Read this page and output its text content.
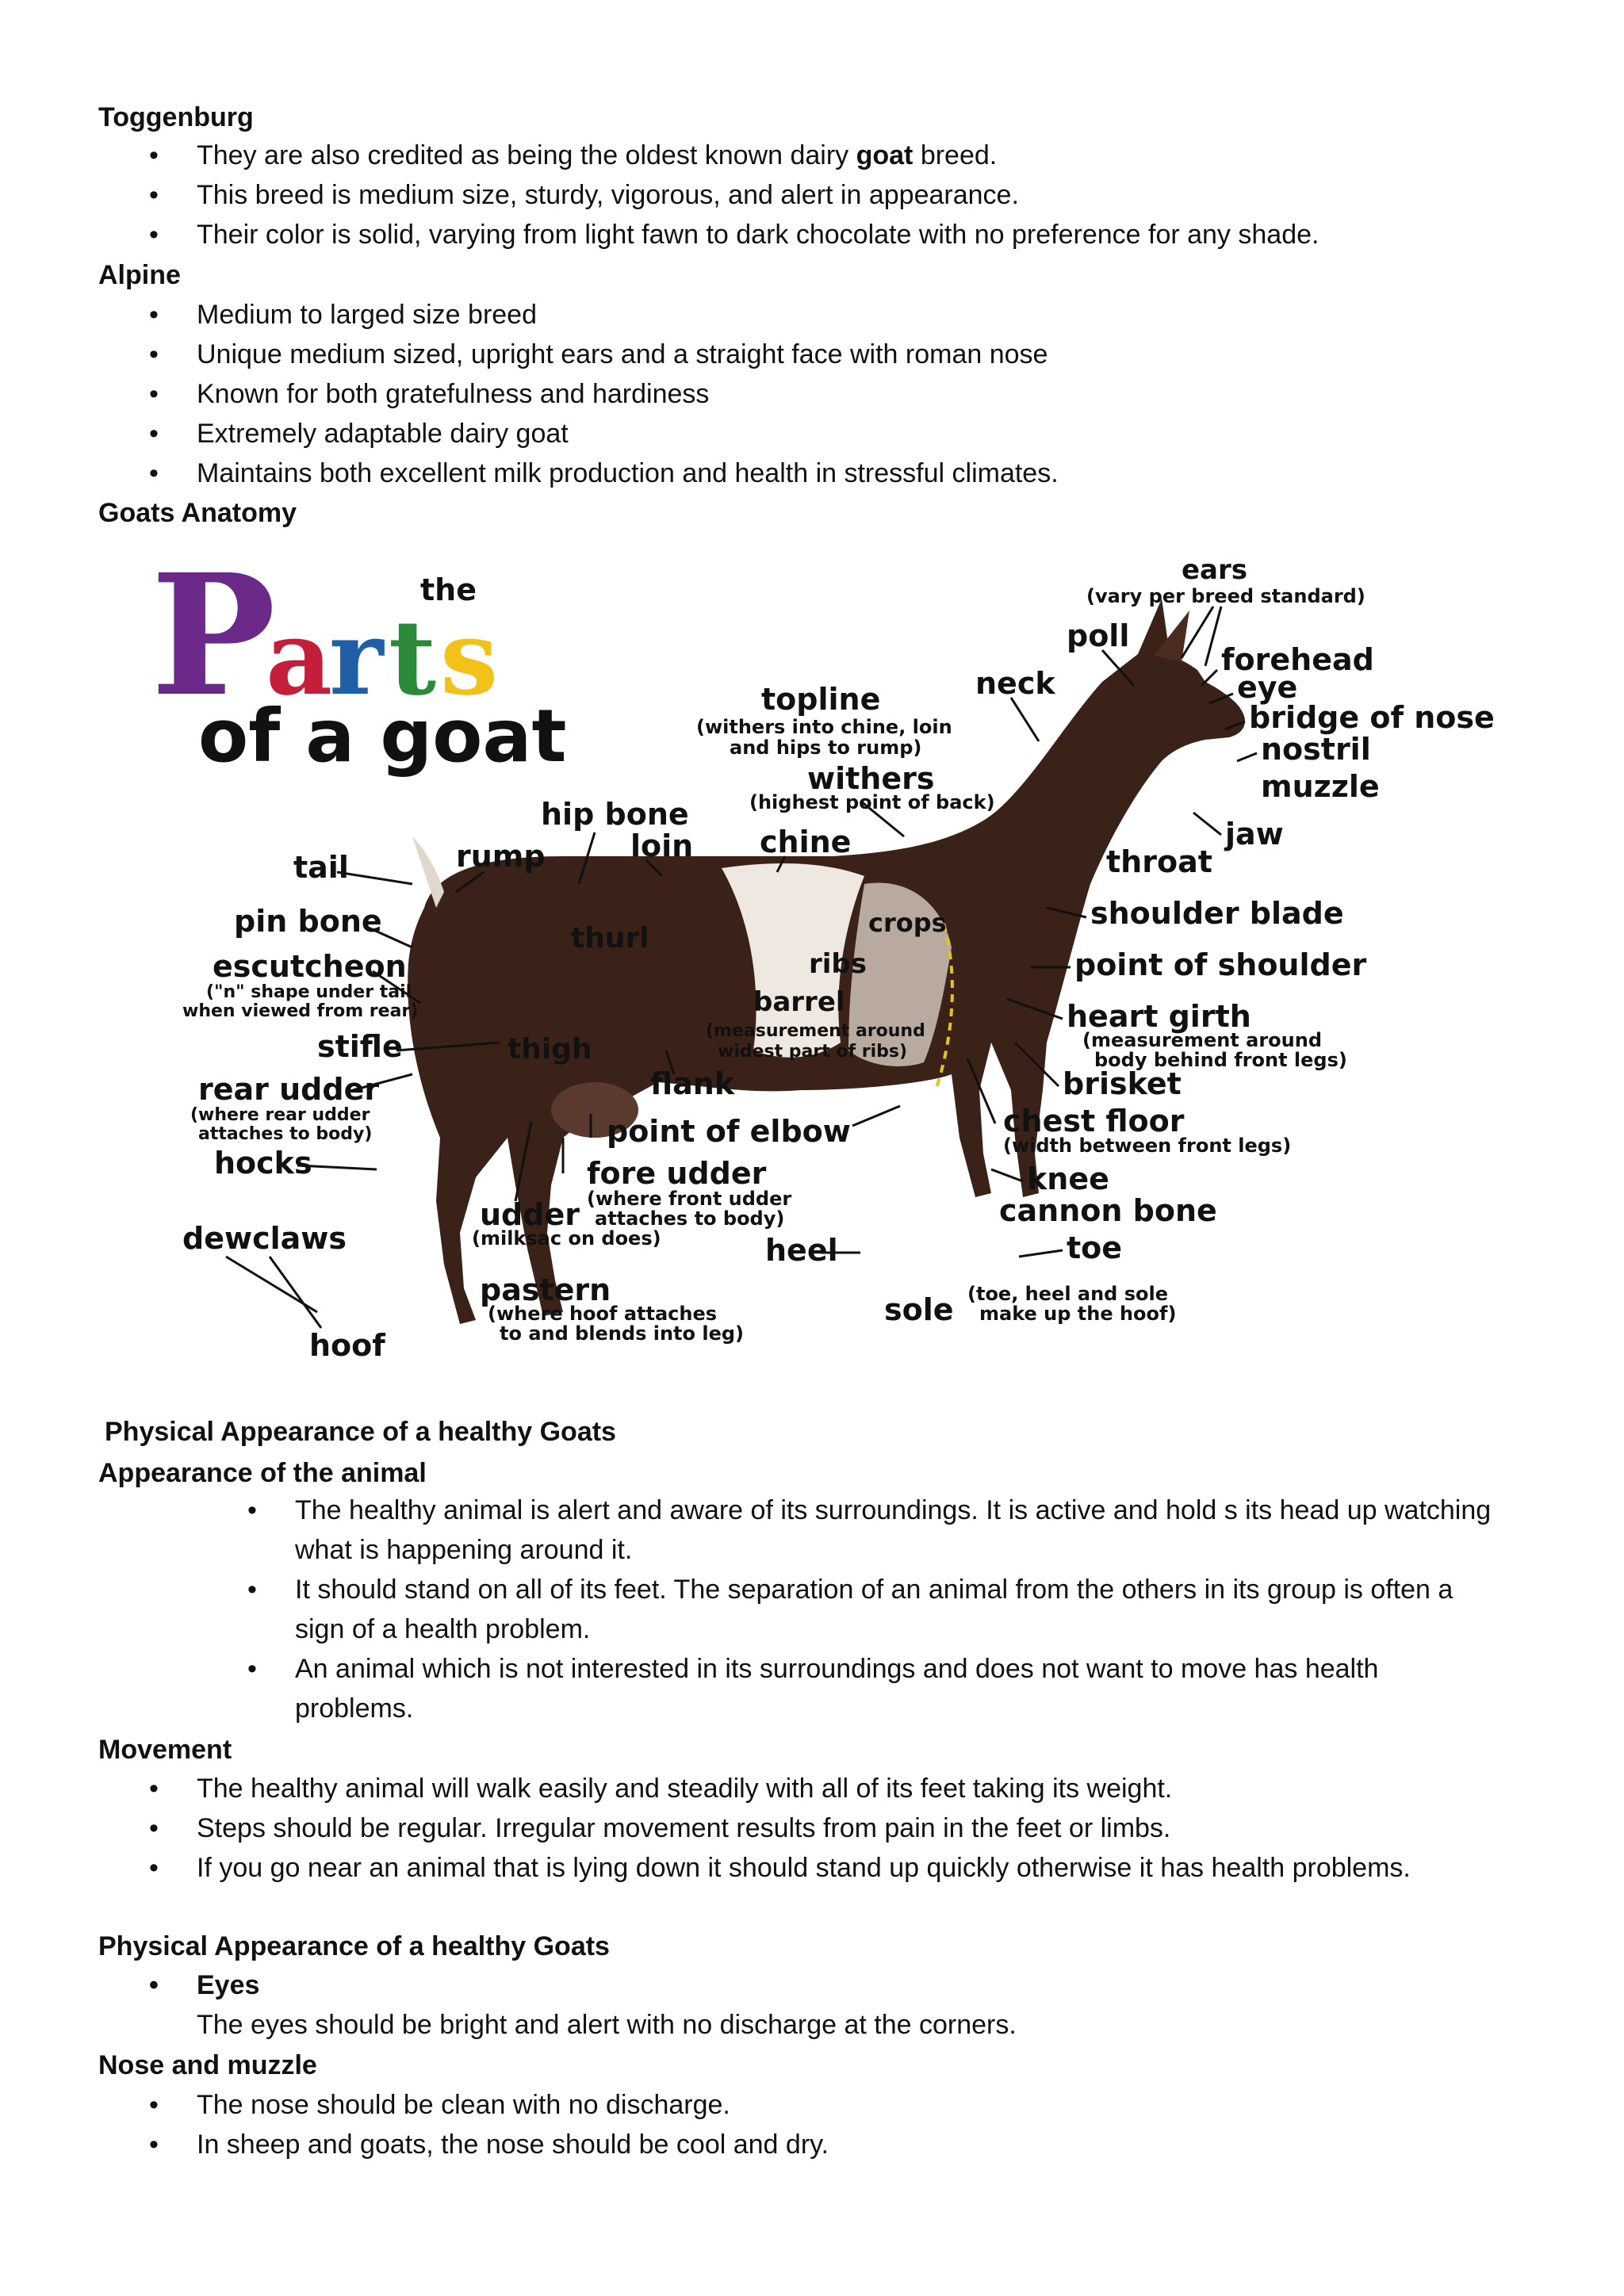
Toggenburg
• They are also credited as being the oldest known dairy goat breed.
• This breed is medium size, sturdy, vigorous, and alert in appearance.
• Their color is solid, varying from light fawn to dark chocolate with no preference for any shade.
Alpine
• Medium to larged size breed
• Unique medium sized, upright ears and a straight face with roman nose
• Known for both gratefulness and hardiness
• Extremely adaptable dairy goat
• Maintains both excellent milk production and health in stressful climates.
Goats Anatomy
P
a
r t s
the
of a goat
crops
ribs
barrel
(measurement around
widest part of ribs)
thurl
thigh
ears
(vary per breed standard)
poll
forehead
eye
bridge of nose
nostril
muzzle
neck
topline
(withers into chine, loin
and hips to rump)
withers
(highest point of back)
jaw
throat
hip bone
loin chine
rump
tail
pin bone
escutcheon
("n" shape under tail
when viewed from rear)
shoulder blade
point of shoulder
heart girth
(measurement around
body behind front legs)
brisket
stifle
flank
rear udder
(where rear udder
attaches to body)
hocks
point of elbow	chest floor
(width between front legs)
fore udder
(where front udder
attaches to body)
knee
cannon bone
udder
(milksac on does)
dewclaws	heel	toe
pastern
(where hoof attaches
to and blends into leg)
sole (toe, heel and sole
make up the hoof)
hoof
Physical Appearance of a healthy Goats
Appearance of the animal
• The healthy animal is alert and aware of its surroundings. It is active and hold s its head up watching
what is happening around it.
• It should stand on all of its feet. The separation of an animal from the others in its group is often a
sign of a health problem.
• An animal which is not interested in its surroundings and does not want to move has health
problems.
Movement
• The healthy animal will walk easily and steadily with all of its feet taking its weight.
• Steps should be regular. Irregular movement results from pain in the feet or limbs.
• If you go near an animal that is lying down it should stand up quickly otherwise it has health problems.
Physical Appearance of a healthy Goats
• Eyes
The eyes should be bright and alert with no discharge at the corners.
Nose and muzzle
• The nose should be clean with no discharge.
• In sheep and goats, the nose should be cool and dry.
